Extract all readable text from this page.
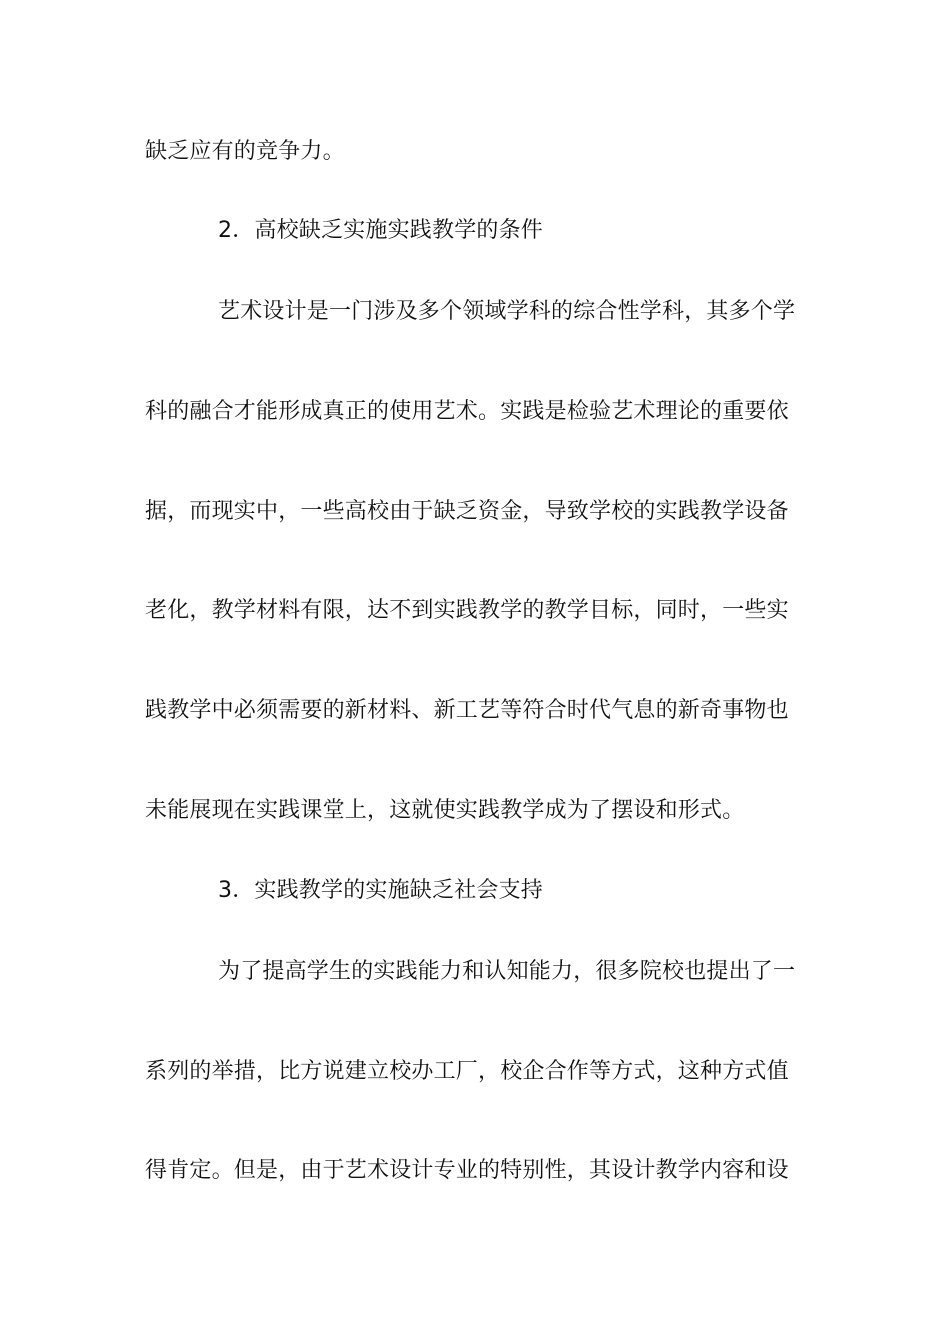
缺乏应有的竞争力。

2．高校缺乏实施实践教学的条件

艺术设计是一门涉及多个领域学科的综合性学科，其多个学

科的融合才能形成真正的使用艺术。实践是检验艺术理论的重要依

据，而现实中，一些高校由于缺乏资金，导致学校的实践教学设备

老化，教学材料有限，达不到实践教学的教学目标，同时，一些实

践教学中必须需要的新材料、新工艺等符合时代气息的新奇事物也

未能展现在实践课堂上，这就使实践教学成为了摆设和形式。

3．实践教学的实施缺乏社会支持

为了提高学生的实践能力和认知能力，很多院校也提出了一

系列的举措，比方说建立校办工厂，校企合作等方式，这种方式值

得肯定。但是，由于艺术设计专业的特别性，其设计教学内容和设
